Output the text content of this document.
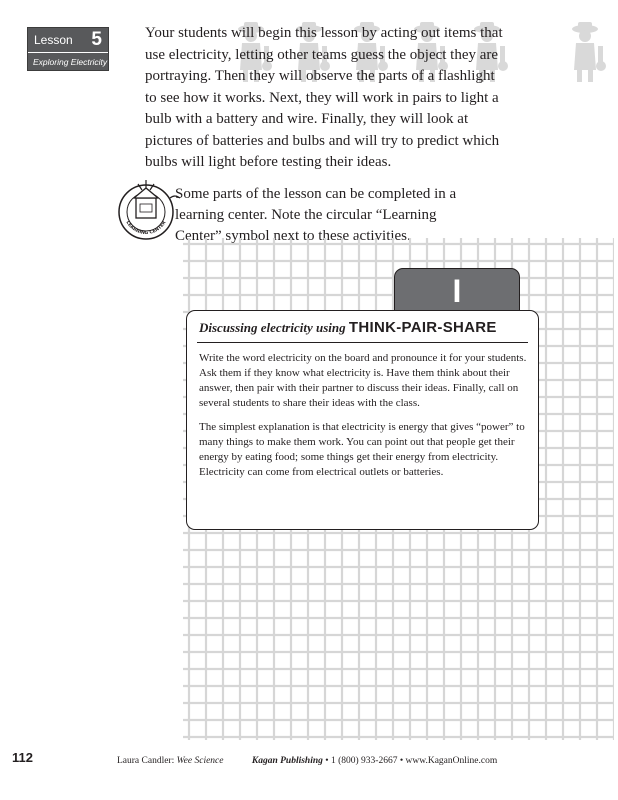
Lesson 5
Exploring Electricity

Your students will begin this lesson by acting out items that use electricity, letting other teams guess the object they are portraying. Then they will observe the parts of a flashlight to see how it works. Next, they will work in pairs to light a bulb with a battery and wire. Finally, they will look at pictures of batteries and bulbs and will try to predict which bulbs will light before testing their ideas.

LEARNING CENTER

Some parts of the lesson can be completed in a learning center. Note the circular “Learning Center” symbol next to these activities.

I

Discussing electricity using THINK-PAIR-SHARE

Write the word electricity on the board and pronounce it for your students. Ask them if they know what electricity is. Have them think about their answer, then pair with their partner to discuss their ideas. Finally, call on several students to share their ideas with the class.

The simplest explanation is that electricity is energy that gives “power” to many things to make them work. You can point out that people get their energy by eating food; some things get their energy from electricity. Electricity can come from electrical outlets or batteries.

112	Laura Candler: Wee Science	Kagan Publishing • 1 (800) 933-2667 • www.KaganOnline.com
